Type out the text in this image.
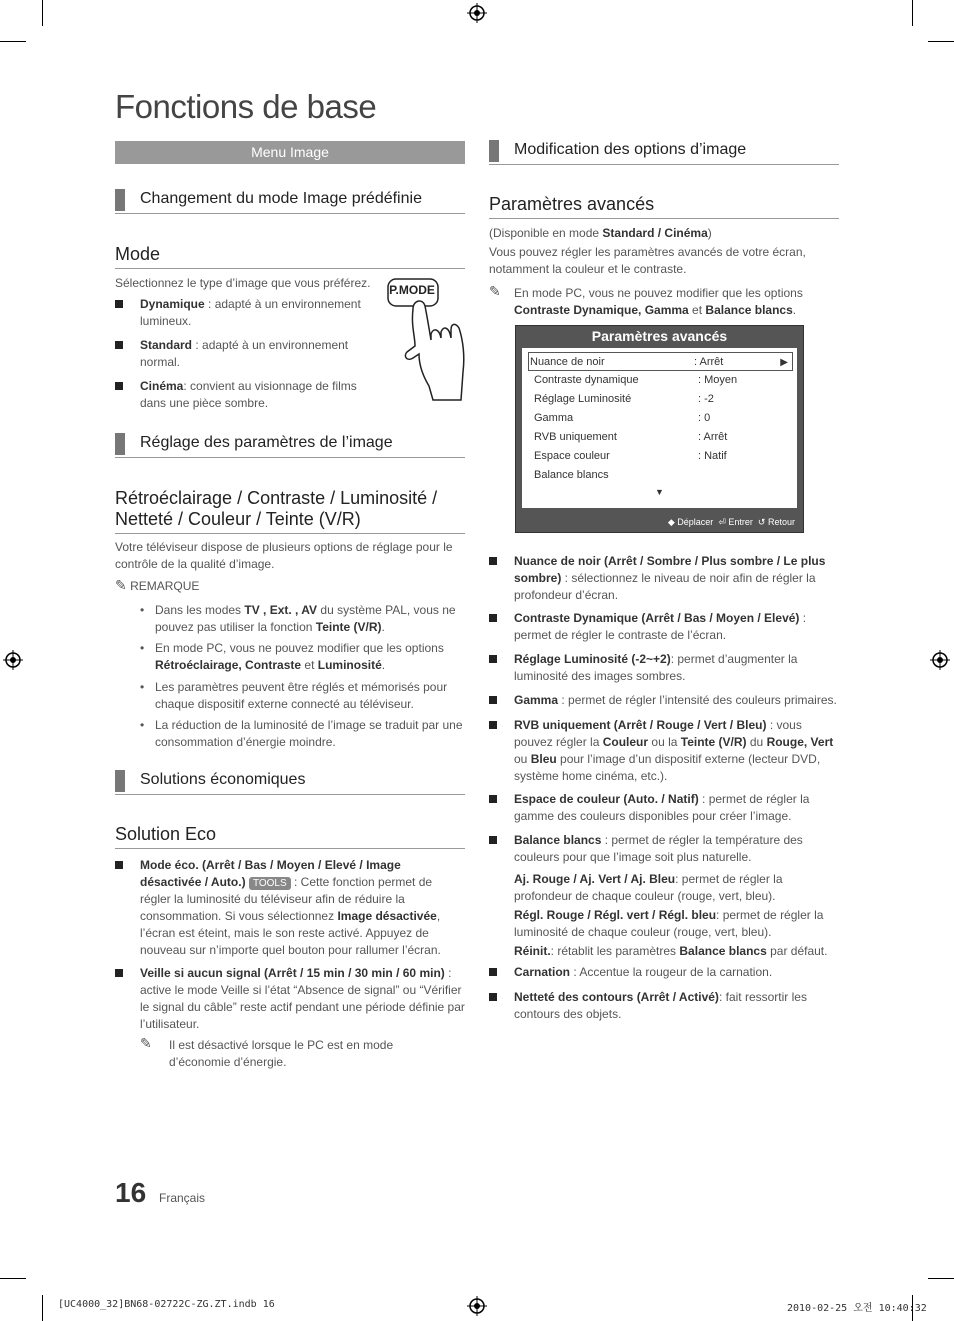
Fonctions de base
Menu Image
Changement du mode Image prédéfinie
Mode
Sélectionnez le type d’image que vous préférez.	P.MODE
Dynamique : adapté à un environnement lumineux.
Standard : adapté à un environnement normal.
Cinéma: convient au visionnage de films dans une pièce sombre.
Réglage des paramètres de l’image
Rétroéclairage / Contraste / Luminosité / Netteté / Couleur / Teinte (V/R)
Votre téléviseur dispose de plusieurs options de réglage pour le contrôle de la qualité d’image.
✎ REMARQUE
• Dans les modes TV , Ext. , AV du système PAL, vous ne pouvez pas utiliser la fonction Teinte (V/R).
• En mode PC, vous ne pouvez modifier que les options Rétroéclairage, Contraste et Luminosité.
• Les paramètres peuvent être réglés et mémorisés pour chaque dispositif externe connecté au téléviseur.
• La réduction de la luminosité de l’image se traduit par une consommation d’énergie moindre.
Solutions économiques
Solution Eco
Mode éco. (Arrêt / Bas / Moyen / Elevé / Image désactivée / Auto.) TOOLS : Cette fonction permet de régler la luminosité du téléviseur afin de réduire la consommation. Si vous sélectionnez Image désactivée, l’écran est éteint, mais le son reste activé. Appuyez de nouveau sur n’importe quel bouton pour rallumer l’écran.
Veille si aucun signal (Arrêt / 15 min / 30 min / 60 min) : active le mode Veille si l’état “Absence de signal” ou “Vérifier le signal du câble” reste actif pendant une période définie par l’utilisateur.
✎	Il est désactivé lorsque le PC est en mode d’économie d’énergie.
Modification des options d’image
Paramètres avancés
(Disponible en mode Standard / Cinéma)
Vous pouvez régler les paramètres avancés de votre écran, notamment la couleur et le contraste.
✎	En mode PC, vous ne pouvez modifier que les options Contraste Dynamique, Gamma et Balance blancs.
Paramètres avancés
Nuance de noir	: Arrêt	▶
Contraste dynamique	: Moyen
Réglage Luminosité	: -2
Gamma	: 0
RVB uniquement	: Arrêt
Espace couleur	: Natif
Balance blancs
▼
◆ Déplacer ⏎ Entrer ↺ Retour
Nuance de noir (Arrêt / Sombre / Plus sombre / Le plus sombre) : sélectionnez le niveau de noir afin de régler la profondeur d’écran.
Contraste Dynamique (Arrêt / Bas / Moyen / Elevé) : permet de régler le contraste de l’écran.
Réglage Luminosité (-2~+2): permet d’augmenter la luminosité des images sombres.
Gamma : permet de régler l’intensité des couleurs primaires.
RVB uniquement (Arrêt / Rouge / Vert / Bleu) : vous pouvez régler la Couleur ou la Teinte (V/R) du Rouge, Vert ou Bleu pour l’image d’un dispositif externe (lecteur DVD, système home cinéma, etc.).
Espace de couleur (Auto. / Natif) : permet de régler la gamme des couleurs disponibles pour créer l’image.
Balance blancs : permet de régler la température des couleurs pour que l’image soit plus naturelle.
Aj. Rouge / Aj. Vert / Aj. Bleu: permet de régler la profondeur de chaque couleur (rouge, vert, bleu).
Régl. Rouge / Régl. vert / Régl. bleu: permet de régler la luminosité de chaque couleur (rouge, vert, bleu).
Réinit.: rétablit les paramètres Balance blancs par défaut.
Carnation : Accentue la rougeur de la carnation.
Netteté des contours (Arrêt / Activé): fait ressortir les contours des objets.
16 Français
[UC4000_32]BN68-02722C-ZG.ZT.indb 16	2010-02-25 오전 10:40:32
